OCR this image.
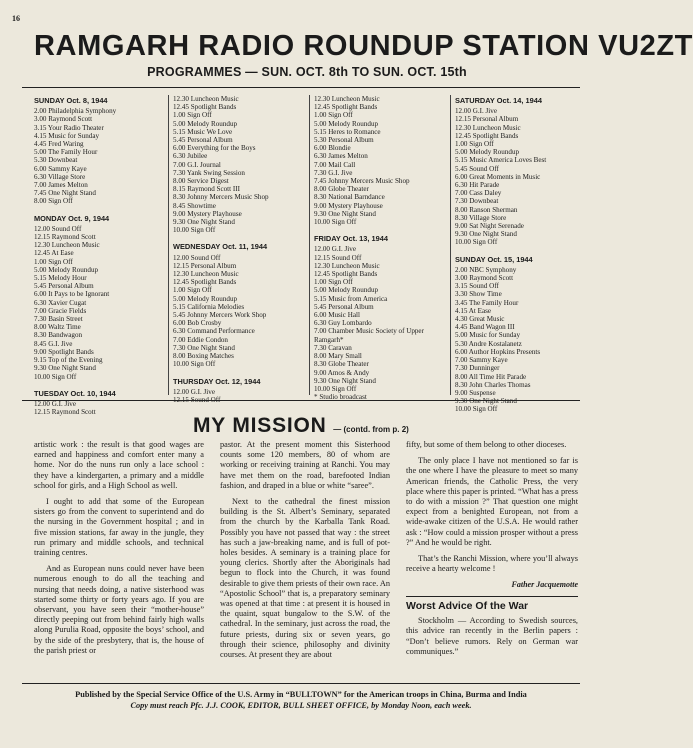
16
RAMGARH RADIO ROUNDUP STATION VU2ZT
PROGRAMMES — SUN. OCT. 8th TO SUN. OCT. 15th
SUNDAY Oct. 8, 1944
2.00 Philadelphia Symphony
3.00 Raymond Scott
3.15 Your Radio Theater
4.15 Music for Sunday
4.45 Fred Waring
5.00 The Family Hour
5.30 Downbeat
6.00 Sammy Kaye
6.30 Village Store
7.00 James Melton
7.45 One Night Stand
8.00 Sign Off
MONDAY Oct. 9, 1944
12.00 Sound Off
12.15 Raymond Scott
12.30 Luncheon Music
12.45 At Ease
1.00 Sign Off
5.00 Melody Roundup
5.15 Melody Hour
5.45 Personal Album
6.00 It Pays to be Ignorant
6.30 Xavier Cugat
7.00 Gracie Fields
7.30 Basin Street
8.00 Waltz Time
8.30 Bandwagon
8.45 G.I. Jive
9.00 Spotlight Bands
9.15 Top of the Evening
9.30 One Night Stand
10.00 Sign Off
TUESDAY Oct. 10, 1944
12.00 G.I. Jive
12.15 Raymond Scott
12.30 Luncheon Music
12.45 Spotlight Bands
1.00 Sign Off
5.00 Melody Roundup
5.15 Music We Love
5.45 Personal Album
6.00 Everything for the Boys
6.30 Jubilee
7.00 G.I. Journal
7.30 Yank Swing Session
8.00 Service Digest
8.15 Raymond Scott III
8.30 Johnny Mercers Music Shop
8.45 Showtime
9.00 Mystery Playhouse
9.30 One Night Stand
10.00 Sign Off
WEDNESDAY Oct. 11, 1944
12.00 Sound Off
12.15 Personal Album
12.30 Luncheon Music
12.45 Spotlight Bands
1.00 Sign Off
5.00 Melody Roundup
5.15 California Melodies
5.45 Johnny Mercers Work Shop
6.00 Bob Crosby
6.30 Command Performance
7.00 Eddie Condon
7.30 One Night Stand
8.00 Boxing Matches
10.00 Sign Off
THURSDAY Oct. 12, 1944
12.00 G.I. Jive
12.15 Sound Off
12.30 Luncheon Music
12.45 Spotlight Bands
1.00 Sign Off
5.00 Melody Roundup
5.15 Heres to Romance
5.30 Personal Album
6.00 Blondie
6.30 James Melton
7.00 Mail Call
7.30 G.I. Jive
7.45 Johnny Mercers Music Shop
8.00 Globe Theater
8.30 National Barndance
9.00 Mystery Playhouse
9.30 One Night Stand
10.00 Sign Off
FRIDAY Oct. 13, 1944
12.00 G.I. Jive
12.15 Sound Off
12.30 Luncheon Music
12.45 Spotlight Bands
1.00 Sign Off
5.00 Melody Roundup
5.15 Music from America
5.45 Personal Album
6.00 Music Hall
6.30 Guy Lombardo
7.00 Chamber Music Society of Upper Ramgarh*
7.30 Caravan
8.00 Mary Small
8.30 Globe Theater
9.00 Amos & Andy
9.30 One Night Stand
10.00 Sign Off
* Studio broadcast
SATURDAY Oct. 14, 1944
12.00 G.I. Jive
12.15 Personal Album
12.30 Luncheon Music
12.45 Spotlight Bands
1.00 Sign Off
5.00 Melody Roundup
5.15 Music America Loves Best
5.45 Sound Off
6.00 Great Moments in Music
6.30 Hit Parade
7.00 Cass Daley
7.30 Downbeat
8.00 Ranson Sherman
8.30 Village Store
9.00 Sat Night Serenade
9.30 One Night Stand
10.00 Sign Off
SUNDAY Oct. 15, 1944
2.00 NBC Symphony
3.00 Raymond Scott
3.15 Sound Off
3.30 Show Time
3.45 The Family Hour
4.15 At Ease
4.30 Great Music
4.45 Band Wagon III
5.00 Music for Sunday
5.30 Andre Kostalanetz
6.00 Author Hopkins Presents
7.00 Sammy Kaye
7.30 Dunninger
8.00 All Time Hit Parade
8.30 John Charles Thomas
9.00 Suspense
9.30 One Night Stand
10.00 Sign Off
MY MISSION — (contd. from p. 2)

artistic work : the result is that good wages are earned and happiness and comfort enter many a home. Nor do the nuns run only a lace school : they have a kindergarten, a primary and a middle school for girls, and a High School as well.

I ought to add that some of the European sisters go from the convent to superintend and do the nursing in the Government hospital ; and in five mission stations, far away in the jungle, they run primary and middle schools, and technical training centres.

And as European nuns could never have been numerous enough to do all the teaching and nursing that needs doing, a native sisterhood was started some thirty or forty years ago. If you are observant, you have seen their “mother-house” directly peeping out from behind fairly high walls along Purulia Road, opposite the boys’ school, and by the side of the presbytery, that is, the house of the parish priest or

pastor. At the present moment this Sisterhood counts some 120 members, 80 of whom are working or receiving training at Ranchi. You may have met them on the road, barefooted Indian fashion, and draped in a blue or white “saree”.

Next to the cathedral the finest mission building is the St. Albert’s Seminary, separated from the church by the Karballa Tank Road. Possibly you have not passed that way : the street has such a jaw-breaking name, and is full of pot-holes besides. A seminary is a training place for young clerics. Shortly after the Aboriginals had begun to flock into the Church, it was found desirable to give them priests of their own race. An “Apostolic School” that is, a preparatory seminary was opened at that time : at present it is housed in the quaint, squat bungalow to the S.W. of the cathedral. In the seminary, just across the road, the future priests, during six or seven years, go through their science, philosophy and divinity courses. At present they are about

fifty, but some of them belong to other dioceses.

The only place I have not mentioned so far is the one where I have the pleasure to meet so many American friends, the Catholic Press, the very place where this paper is printed. “What has a press to do with a mission ?” That question one might expect from a benighted European, not from a wide-awake citizen of the U.S.A. He would rather ask : “How could a mission prosper without a press ?” And he would be right.

That’s the Ranchi Mission, where you’ll always receive a hearty welcome !

Father Jacquemotte
Worst Advice Of the War

Stockholm — According to Swedish sources, this advice ran recently in the Berlin papers : “Don’t believe rumors. Rely on German war communiques.”

Published by the Special Service Office of the U.S. Army in “BULLTOWN” for the American troops in China, Burma and India
Copy must reach Pfc. J.J. COOK, EDITOR, BULL SHEET OFFICE, by Monday Noon, each week.
